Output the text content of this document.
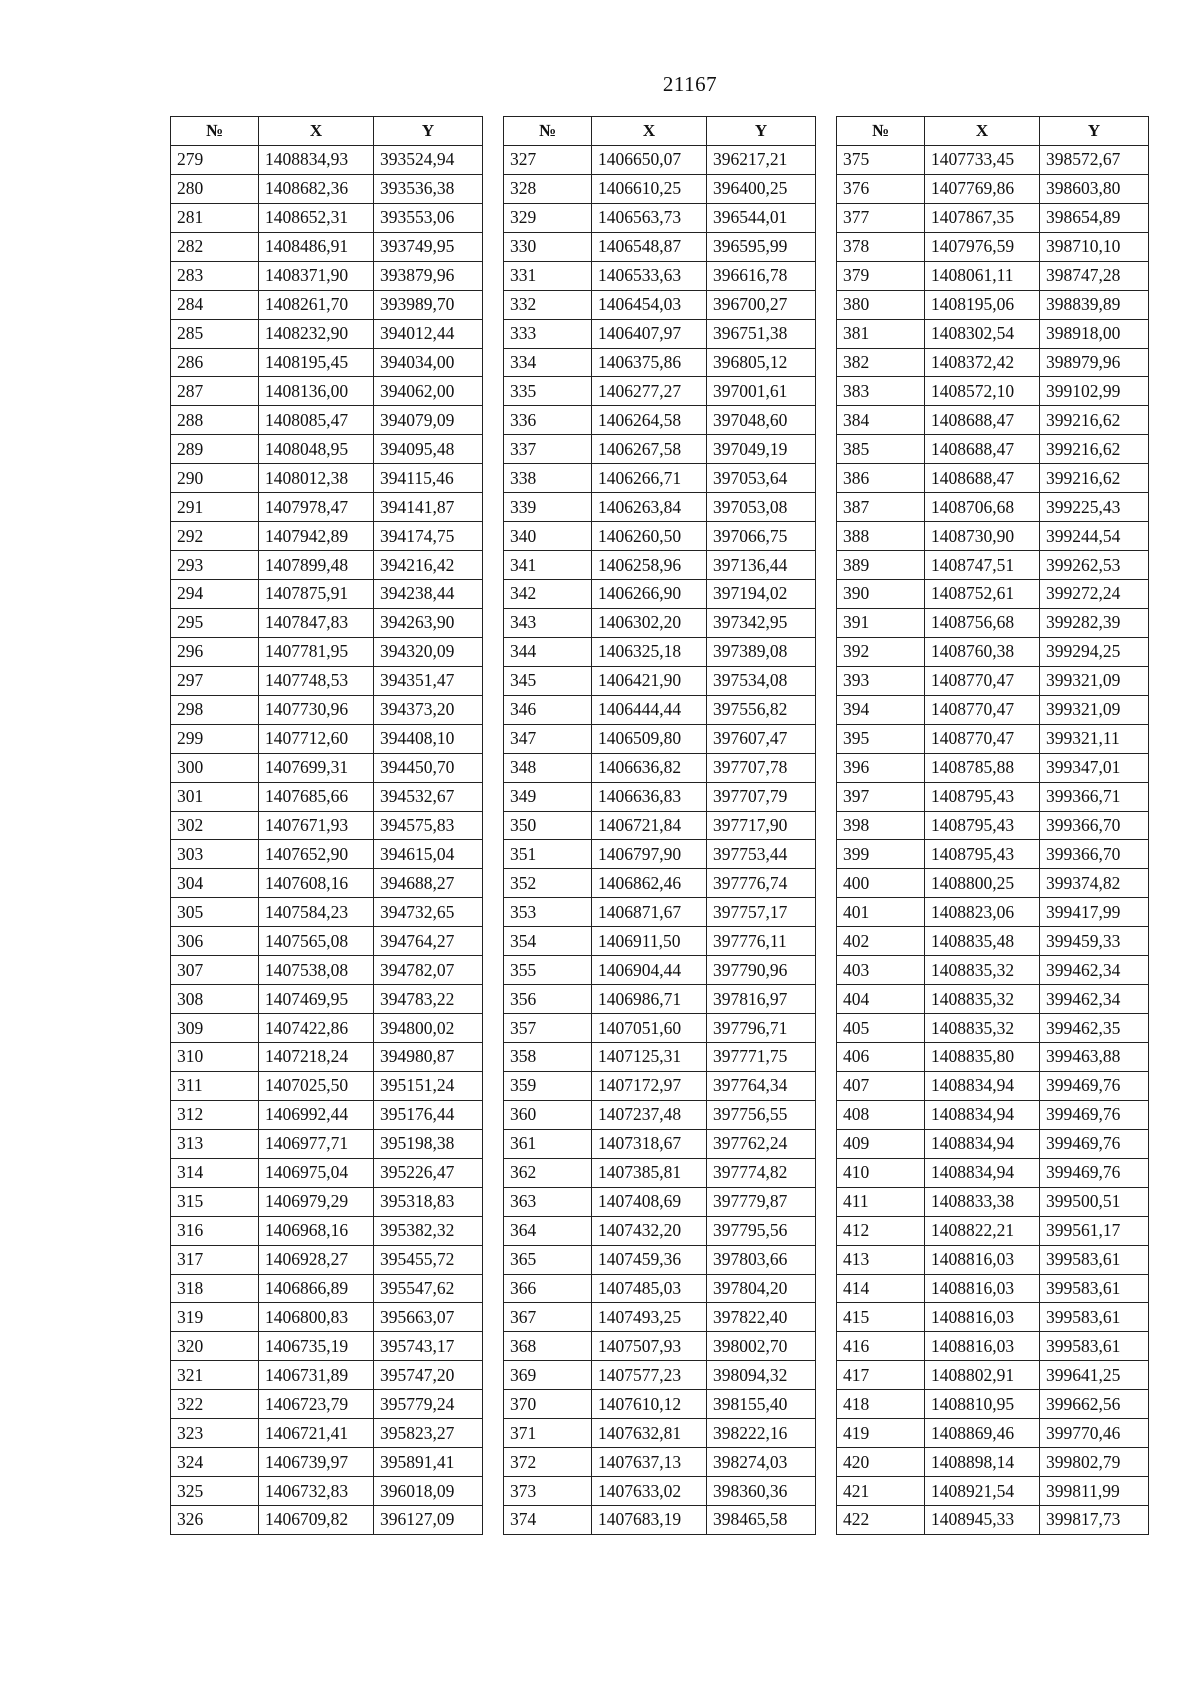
21167
№	X	Y
279	1408834,93	393524,94
280	1408682,36	393536,38
281	1408652,31	393553,06
282	1408486,91	393749,95
283	1408371,90	393879,96
284	1408261,70	393989,70
285	1408232,90	394012,44
286	1408195,45	394034,00
287	1408136,00	394062,00
288	1408085,47	394079,09
289	1408048,95	394095,48
290	1408012,38	394115,46
291	1407978,47	394141,87
292	1407942,89	394174,75
293	1407899,48	394216,42
294	1407875,91	394238,44
295	1407847,83	394263,90
296	1407781,95	394320,09
297	1407748,53	394351,47
298	1407730,96	394373,20
299	1407712,60	394408,10
300	1407699,31	394450,70
301	1407685,66	394532,67
302	1407671,93	394575,83
303	1407652,90	394615,04
304	1407608,16	394688,27
305	1407584,23	394732,65
306	1407565,08	394764,27
307	1407538,08	394782,07
308	1407469,95	394783,22
309	1407422,86	394800,02
310	1407218,24	394980,87
311	1407025,50	395151,24
312	1406992,44	395176,44
313	1406977,71	395198,38
314	1406975,04	395226,47
315	1406979,29	395318,83
316	1406968,16	395382,32
317	1406928,27	395455,72
318	1406866,89	395547,62
319	1406800,83	395663,07
320	1406735,19	395743,17
321	1406731,89	395747,20
322	1406723,79	395779,24
323	1406721,41	395823,27
324	1406739,97	395891,41
325	1406732,83	396018,09
326	1406709,82	396127,09
№	X	Y
327	1406650,07	396217,21
328	1406610,25	396400,25
329	1406563,73	396544,01
330	1406548,87	396595,99
331	1406533,63	396616,78
332	1406454,03	396700,27
333	1406407,97	396751,38
334	1406375,86	396805,12
335	1406277,27	397001,61
336	1406264,58	397048,60
337	1406267,58	397049,19
338	1406266,71	397053,64
339	1406263,84	397053,08
340	1406260,50	397066,75
341	1406258,96	397136,44
342	1406266,90	397194,02
343	1406302,20	397342,95
344	1406325,18	397389,08
345	1406421,90	397534,08
346	1406444,44	397556,82
347	1406509,80	397607,47
348	1406636,82	397707,78
349	1406636,83	397707,79
350	1406721,84	397717,90
351	1406797,90	397753,44
352	1406862,46	397776,74
353	1406871,67	397757,17
354	1406911,50	397776,11
355	1406904,44	397790,96
356	1406986,71	397816,97
357	1407051,60	397796,71
358	1407125,31	397771,75
359	1407172,97	397764,34
360	1407237,48	397756,55
361	1407318,67	397762,24
362	1407385,81	397774,82
363	1407408,69	397779,87
364	1407432,20	397795,56
365	1407459,36	397803,66
366	1407485,03	397804,20
367	1407493,25	397822,40
368	1407507,93	398002,70
369	1407577,23	398094,32
370	1407610,12	398155,40
371	1407632,81	398222,16
372	1407637,13	398274,03
373	1407633,02	398360,36
374	1407683,19	398465,58
№	X	Y
375	1407733,45	398572,67
376	1407769,86	398603,80
377	1407867,35	398654,89
378	1407976,59	398710,10
379	1408061,11	398747,28
380	1408195,06	398839,89
381	1408302,54	398918,00
382	1408372,42	398979,96
383	1408572,10	399102,99
384	1408688,47	399216,62
385	1408688,47	399216,62
386	1408688,47	399216,62
387	1408706,68	399225,43
388	1408730,90	399244,54
389	1408747,51	399262,53
390	1408752,61	399272,24
391	1408756,68	399282,39
392	1408760,38	399294,25
393	1408770,47	399321,09
394	1408770,47	399321,09
395	1408770,47	399321,11
396	1408785,88	399347,01
397	1408795,43	399366,71
398	1408795,43	399366,70
399	1408795,43	399366,70
400	1408800,25	399374,82
401	1408823,06	399417,99
402	1408835,48	399459,33
403	1408835,32	399462,34
404	1408835,32	399462,34
405	1408835,32	399462,35
406	1408835,80	399463,88
407	1408834,94	399469,76
408	1408834,94	399469,76
409	1408834,94	399469,76
410	1408834,94	399469,76
411	1408833,38	399500,51
412	1408822,21	399561,17
413	1408816,03	399583,61
414	1408816,03	399583,61
415	1408816,03	399583,61
416	1408816,03	399583,61
417	1408802,91	399641,25
418	1408810,95	399662,56
419	1408869,46	399770,46
420	1408898,14	399802,79
421	1408921,54	399811,99
422	1408945,33	399817,73
